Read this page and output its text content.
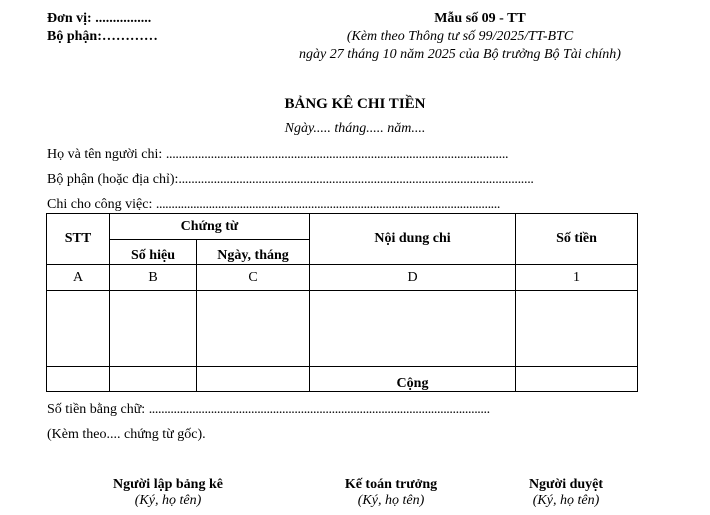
Đơn vị: ................
Bộ phận:…………
Mẫu số 09 - TT
(Kèm theo Thông tư số 99/2025/TT-BTC
ngày 27 tháng 10 năm 2025 của Bộ trưởng Bộ Tài chính)
BẢNG KÊ CHI TIỀN
Ngày..... tháng..... năm....
Họ và tên người chi: ...........................................................................................................
Bộ phận (hoặc địa chỉ):...............................................................................................................
Chi cho công việc: ...............................................................................................................
STT	Chứng từ		Nội dung chi	Số tiền
	Số hiệu	Ngày, tháng		
A	B	C	D	1

			Cộng	
Số tiền bằng chữ: ..............................................................................................................
(Kèm theo.... chứng từ gốc).
Người lập bảng kê
(Ký, họ tên)
Kế toán trưởng
(Ký, họ tên)
Người duyệt
(Ký, họ tên)
